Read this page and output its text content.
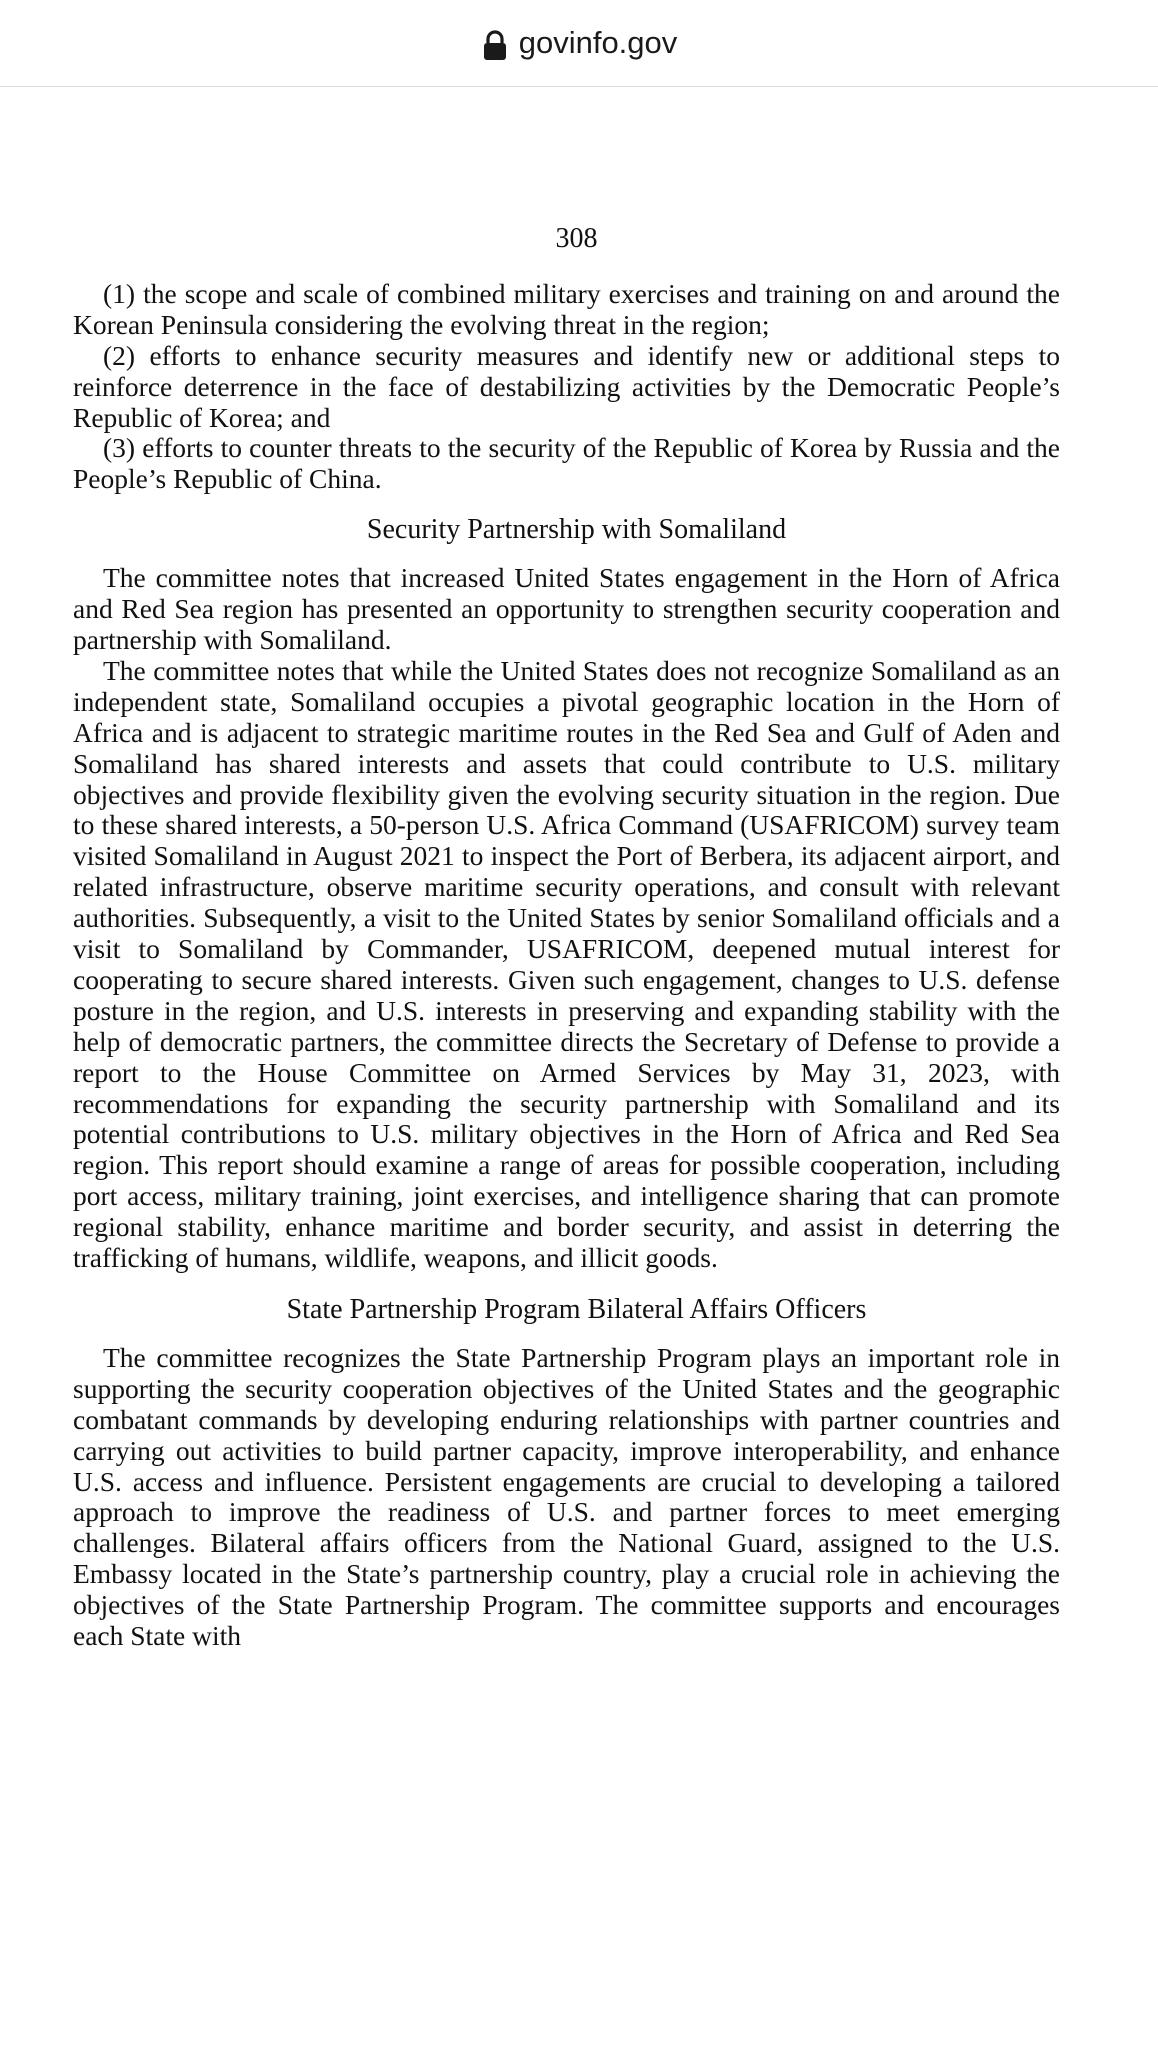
govinfo.gov
308

(1) the scope and scale of combined military exercises and training on and around the Korean Peninsula considering the evolving threat in the region;

(2) efforts to enhance security measures and identify new or additional steps to reinforce deterrence in the face of destabilizing activities by the Democratic People’s Republic of Korea; and

(3) efforts to counter threats to the security of the Republic of Korea by Russia and the People’s Republic of China.

Security Partnership with Somaliland

The committee notes that increased United States engagement in the Horn of Africa and Red Sea region has presented an opportunity to strengthen security cooperation and partnership with Somaliland.

The committee notes that while the United States does not recognize Somaliland as an independent state, Somaliland occupies a pivotal geographic location in the Horn of Africa and is adjacent to strategic maritime routes in the Red Sea and Gulf of Aden and Somaliland has shared interests and assets that could contribute to U.S. military objectives and provide flexibility given the evolving security situation in the region. Due to these shared interests, a 50-person U.S. Africa Command (USAFRICOM) survey team visited Somaliland in August 2021 to inspect the Port of Berbera, its adjacent airport, and related infrastructure, observe maritime security operations, and consult with relevant authorities. Subsequently, a visit to the United States by senior Somaliland officials and a visit to Somaliland by Commander, USAFRICOM, deepened mutual interest for cooperating to secure shared interests. Given such engagement, changes to U.S. defense posture in the region, and U.S. interests in preserving and expanding stability with the help of democratic partners, the committee directs the Secretary of Defense to provide a report to the House Committee on Armed Services by May 31, 2023, with recommendations for expanding the security partnership with Somaliland and its potential contributions to U.S. military objectives in the Horn of Africa and Red Sea region. This report should examine a range of areas for possible cooperation, including port access, military training, joint exercises, and intelligence sharing that can promote regional stability, enhance maritime and border security, and assist in deterring the trafficking of humans, wildlife, weapons, and illicit goods.

State Partnership Program Bilateral Affairs Officers

The committee recognizes the State Partnership Program plays an important role in supporting the security cooperation objectives of the United States and the geographic combatant commands by developing enduring relationships with partner countries and carrying out activities to build partner capacity, improve interoperability, and enhance U.S. access and influence. Persistent engagements are crucial to developing a tailored approach to improve the readiness of U.S. and partner forces to meet emerging challenges. Bilateral affairs officers from the National Guard, assigned to the U.S. Embassy located in the State’s partnership country, play a crucial role in achieving the objectives of the State Partnership Program. The committee supports and encourages each State with
